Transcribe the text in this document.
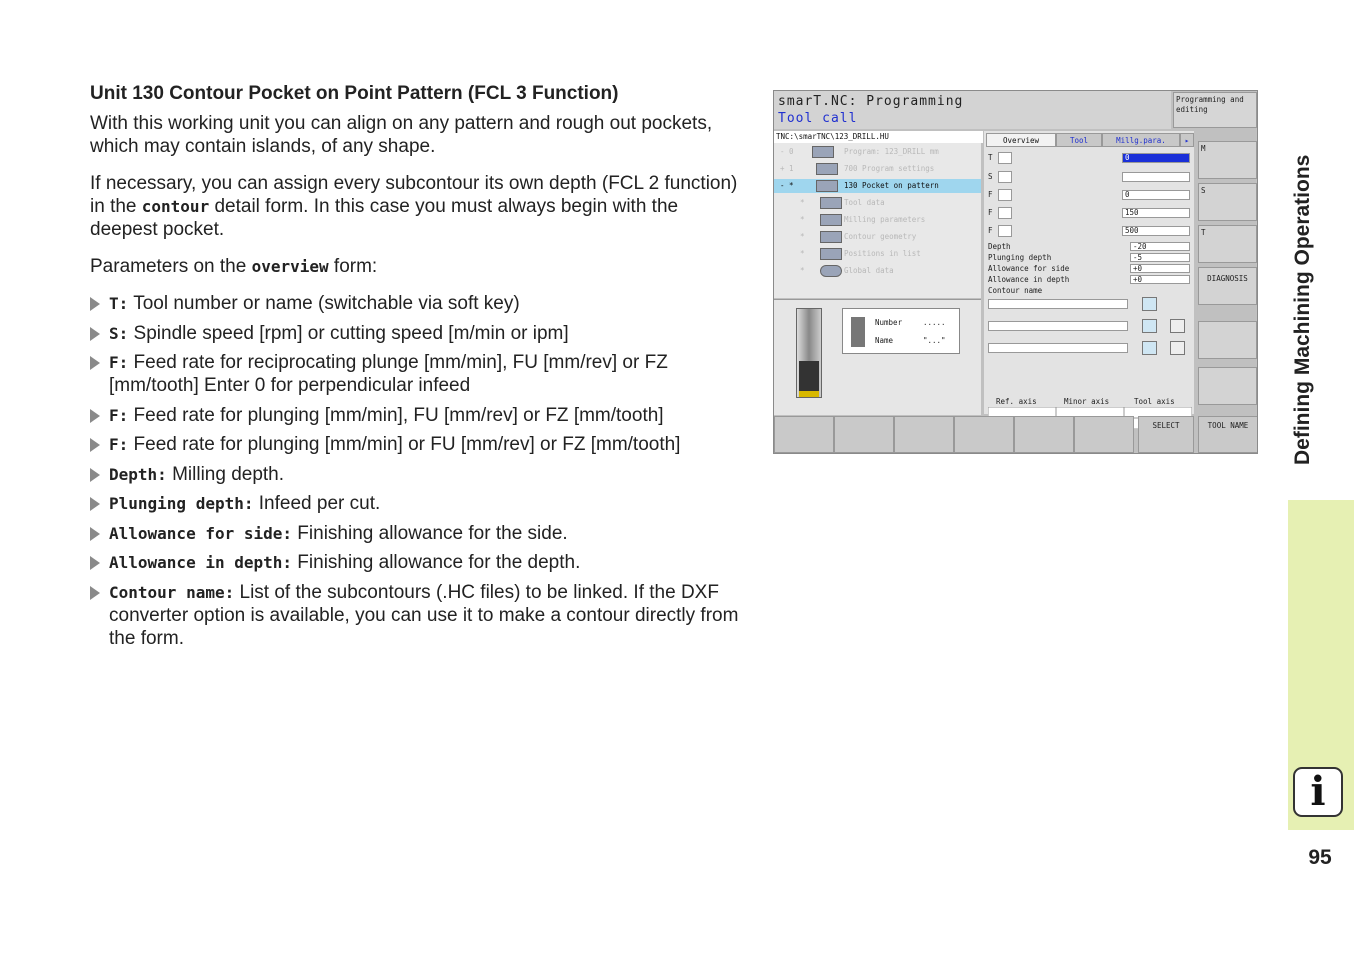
Unit 130 Contour Pocket on Point Pattern (FCL 3 Function)

With this working unit you can align on any pattern and rough out pockets, which may contain islands, of any shape.

If necessary, you can assign every subcontour its own depth (FCL 2 function) in the contour detail form. In this case you must always begin with the deepest pocket.

Parameters on the overview form:

T: Tool number or name (switchable via soft key)
S: Spindle speed [rpm] or cutting speed [m/min or ipm]
F: Feed rate for reciprocating plunge [mm/min], FU [mm/rev] or FZ [mm/tooth] Enter 0 for perpendicular infeed
F: Feed rate for plunging [mm/min], FU [mm/rev] or FZ [mm/tooth]
F: Feed rate for plunging [mm/min] or FU [mm/rev] or FZ [mm/tooth]
Depth: Milling depth.
Plunging depth: Infeed per cut.
Allowance for side: Finishing allowance for the side.
Allowance in depth: Finishing allowance for the depth.
Contour name: List of the subcontours (.HC files) to be linked. If the DXF converter option is available, you can use it to make a contour directly from the form.
smarT.NC: Programming
Tool call
Programming and editing
TNC:\smarTNC\123_DRILL.HU
- 0	Program: 123_DRILL mm
+ 1	700 Program settings
- *	130 Pocket on pattern
*	Tool data
*	Milling parameters
*	Contour geometry
*	Positions in list
*	Global data
Number	.....
Name	"..."
Overview	Tool	Millg.para.	▸
T	0
S
F	0
F	150
F	500
Depth	-20
Plunging depth	-5
Allowance for side	+0
Allowance in depth	+0
Contour name
Ref. axis	Minor axis	Tool axis
M
S
T
DIAGNOSIS
SELECT	TOOL NAME	Defining Machining Operations
i
95
